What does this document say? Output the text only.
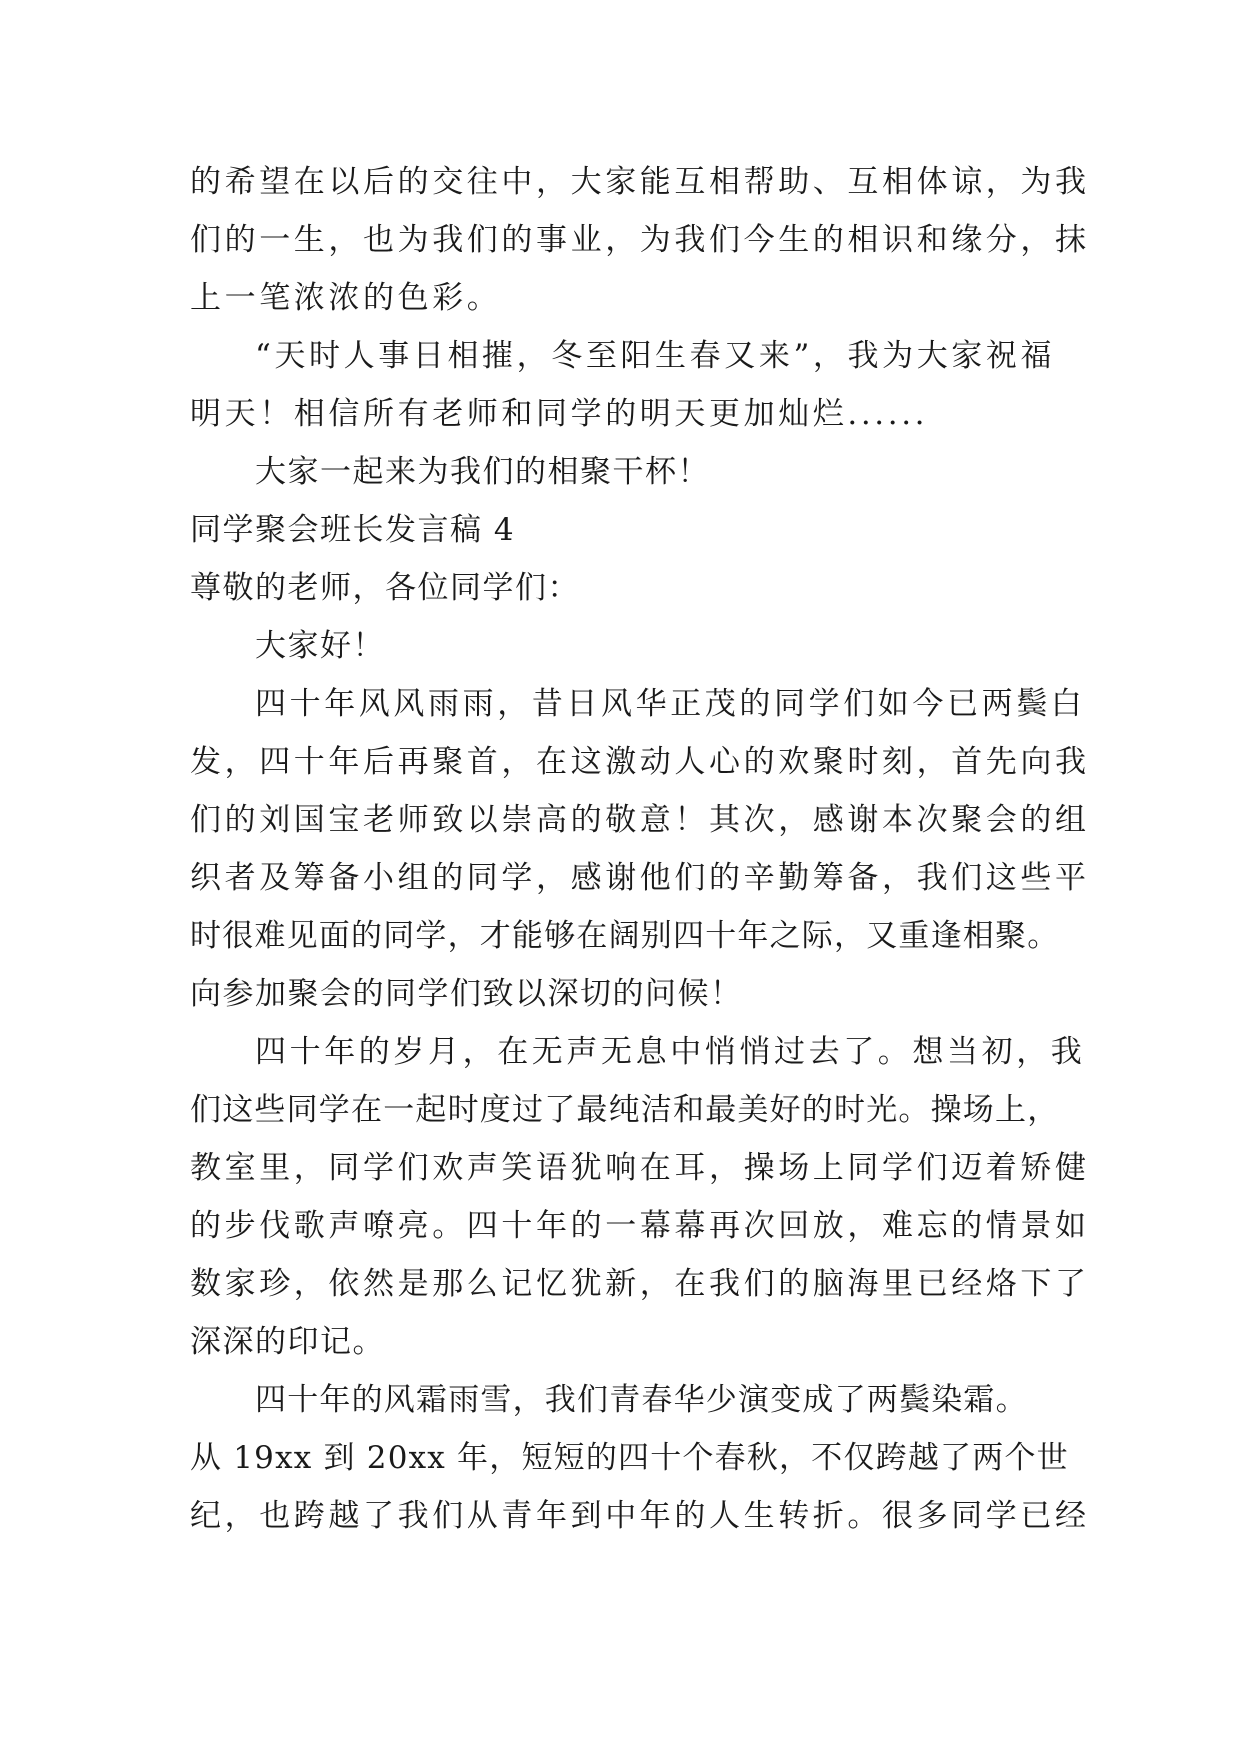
的希望在以后的交往中，大家能互相帮助、互相体谅，为我
们的一生，也为我们的事业，为我们今生的相识和缘分，抹
上一笔浓浓的色彩。
“天时人事日相摧，冬至阳生春又来”，我为大家祝福
明天！相信所有老师和同学的明天更加灿烂......
大家一起来为我们的相聚干杯！
同学聚会班长发言稿 4
尊敬的老师，各位同学们：
大家好！
四十年风风雨雨，昔日风华正茂的同学们如今已两鬓白
发，四十年后再聚首，在这激动人心的欢聚时刻，首先向我
们的刘国宝老师致以崇高的敬意！其次，感谢本次聚会的组
织者及筹备小组的同学，感谢他们的辛勤筹备，我们这些平
时很难见面的同学，才能够在阔别四十年之际，又重逢相聚。
向参加聚会的同学们致以深切的问候！
四十年的岁月，在无声无息中悄悄过去了。想当初，我
们这些同学在一起时度过了最纯洁和最美好的时光。操场上，
教室里，同学们欢声笑语犹响在耳，操场上同学们迈着矫健
的步伐歌声嘹亮。四十年的一幕幕再次回放，难忘的情景如
数家珍，依然是那么记忆犹新，在我们的脑海里已经烙下了
深深的印记。
四十年的风霜雨雪，我们青春华少演变成了两鬓染霜。
从 19xx 到 20xx 年，短短的四十个春秋，不仅跨越了两个世
纪，也跨越了我们从青年到中年的人生转折。很多同学已经
